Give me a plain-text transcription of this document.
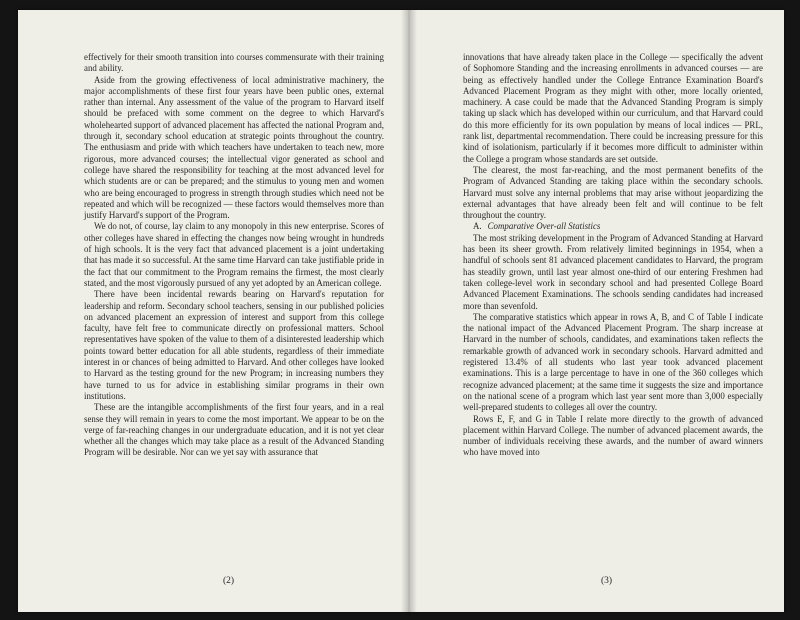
effectively for their smooth transition into courses commensurate with their training and ability.

Aside from the growing effectiveness of local administrative machinery, the major accomplishments of these first four years have been public ones, external rather than internal. Any assessment of the value of the program to Harvard itself should be prefaced with some comment on the degree to which Harvard's wholehearted support of advanced placement has affected the national Program and, through it, secondary school education at strategic points throughout the country. The enthusiasm and pride with which teachers have undertaken to teach new, more rigorous, more advanced courses; the intellectual vigor generated as school and college have shared the responsibility for teaching at the most advanced level for which students are or can be prepared; and the stimulus to young men and women who are being encouraged to progress in strength through studies which need not be repeated and which will be recognized — these factors would themselves more than justify Harvard's support of the Program.

We do not, of course, lay claim to any monopoly in this new enterprise. Scores of other colleges have shared in effecting the changes now being wrought in hundreds of high schools. It is the very fact that advanced placement is a joint undertaking that has made it so successful. At the same time Harvard can take justifiable pride in the fact that our commitment to the Program remains the firmest, the most clearly stated, and the most vigorously pursued of any yet adopted by an American college.

There have been incidental rewards bearing on Harvard's reputation for leadership and reform. Secondary school teachers, sensing in our published policies on advanced placement an expression of interest and support from this college faculty, have felt free to communicate directly on professional matters. School representatives have spoken of the value to them of a disinterested leadership which points toward better education for all able students, regardless of their immediate interest in or chances of being admitted to Harvard. And other colleges have looked to Harvard as the testing ground for the new Program; in increasing numbers they have turned to us for advice in establishing similar programs in their own institutions.

These are the intangible accomplishments of the first four years, and in a real sense they will remain in years to come the most important. We appear to be on the verge of far-reaching changes in our undergraduate education, and it is not yet clear whether all the changes which may take place as a result of the Advanced Standing Program will be desirable. Nor can we yet say with assurance that

(2)

innovations that have already taken place in the College — specifically the advent of Sophomore Standing and the increasing enrollments in advanced courses — are being as effectively handled under the College Entrance Examination Board's Advanced Placement Program as they might with other, more locally oriented, machinery. A case could be made that the Advanced Standing Program is simply taking up slack which has developed within our curriculum, and that Harvard could do this more efficiently for its own population by means of local indices — PRL, rank list, departmental recommendation. There could be increasing pressure for this kind of isolationism, particularly if it becomes more difficult to administer within the College a program whose standards are set outside.

The clearest, the most far-reaching, and the most permanent benefits of the Program of Advanced Standing are taking place within the secondary schools. Harvard must solve any internal problems that may arise without jeopardizing the external advantages that have already been felt and will continue to be felt throughout the country.

A. Comparative Over-all Statistics

The most striking development in the Program of Advanced Standing at Harvard has been its sheer growth. From relatively limited beginnings in 1954, when a handful of schools sent 81 advanced placement candidates to Harvard, the program has steadily grown, until last year almost one-third of our entering Freshmen had taken college-level work in secondary school and had presented College Board Advanced Placement Examinations. The schools sending candidates had increased more than sevenfold.

The comparative statistics which appear in rows A, B, and C of Table I indicate the national impact of the Advanced Placement Program. The sharp increase at Harvard in the number of schools, candidates, and examinations taken reflects the remarkable growth of advanced work in secondary schools. Harvard admitted and registered 13.4% of all students who last year took advanced placement examinations. This is a large percentage to have in one of the 360 colleges which recognize advanced placement; at the same time it suggests the size and importance on the national scene of a program which last year sent more than 3,000 especially well-prepared students to colleges all over the country.

Rows E, F, and G in Table I relate more directly to the growth of advanced placement within Harvard College. The number of advanced placement awards, the number of individuals receiving these awards, and the number of award winners who have moved into

(3)
